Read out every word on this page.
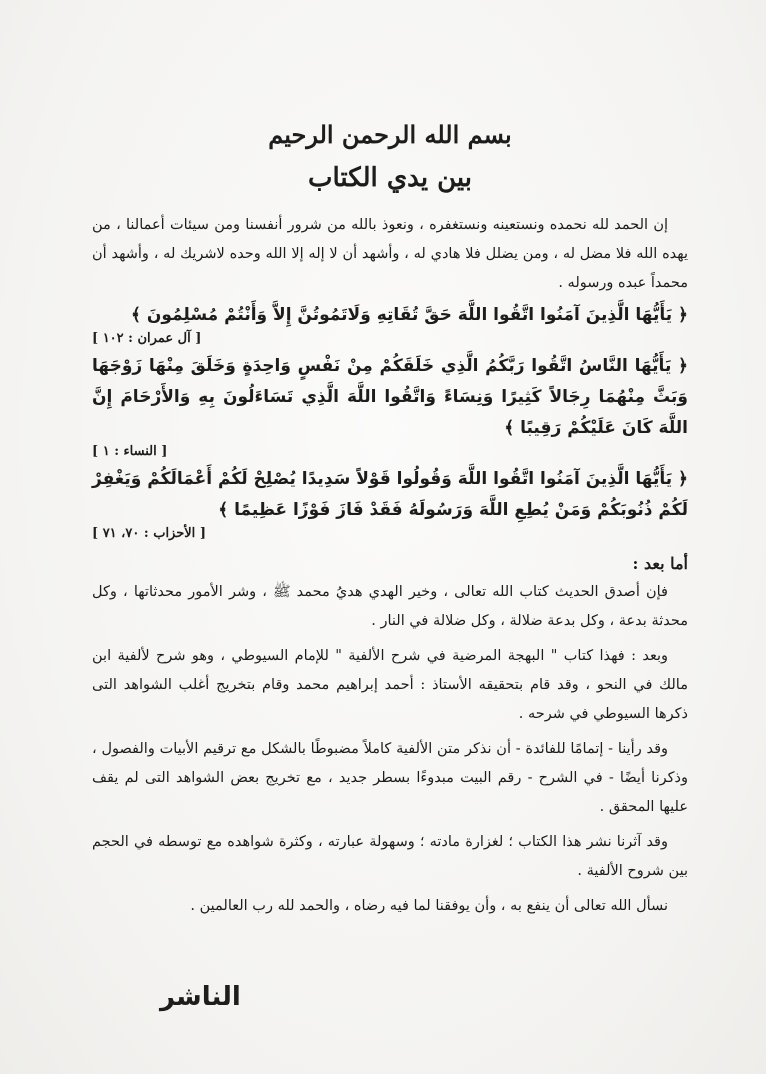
بسم الله الرحمن الرحيم
بين يدي الكتاب

إن الحمد لله نحمده ونستعينه ونستغفره ، ونعوذ بالله من شرور أنفسنا ومن سيئات أعمالنا ، من يهده الله فلا مضل له ، ومن يضلل فلا هادي له ، وأشهد أن لا إله إلا الله وحده لاشريك له ، وأشهد أن محمداً عبده ورسوله .

﴿ يَأَيُّهَا الَّذِينَ آمَنُوا اتَّقُوا اللَّهَ حَقَّ تُقَاتِهِ وَلَاتَمُوتُنَّ إِلاَّ وَأَنْتُمْ مُسْلِمُونَ ﴾

[ آل عمران : ١٠٢ ]

﴿ يَأَيُّهَا النَّاسُ اتَّقُوا رَبَّكُمُ الَّذِي خَلَقَكُمْ مِنْ نَفْسٍ وَاحِدَةٍ وَخَلَقَ مِنْهَا زَوْجَهَا وَبَثَّ مِنْهُمَا رِجَالاً كَثِيرًا وَنِسَاءً وَاتَّقُوا اللَّهَ الَّذِي تَسَاءَلُونَ بِهِ وَالأَرْحَامَ إِنَّ اللَّهَ كَانَ عَلَيْكُمْ رَقِيبًا ﴾

[ النساء : ١ ]

﴿ يَأَيُّهَا الَّذِينَ آمَنُوا اتَّقُوا اللَّهَ وَقُولُوا قَوْلاً سَدِيدًا يُصْلِحْ لَكُمْ أَعْمَالَكُمْ وَيَغْفِرْ لَكُمْ ذُنُوبَكُمْ وَمَنْ يُطِعِ اللَّهَ وَرَسُولَهُ فَقَدْ فَازَ فَوْزًا عَظِيمًا ﴾

[ الأحزاب : ٧٠، ٧١ ]

أما بعد :

فإن أصدق الحديث كتاب الله تعالى ، وخير الهدي هديُ محمد ﷺ ، وشر الأمور محدثاتها ، وكل محدثة بدعة ، وكل بدعة ضلالة ، وكل ضلالة في النار .

وبعد : فهذا كتاب " البهجة المرضية في شرح الألفية " للإمام السيوطي ، وهو شرح لألفية ابن مالك في النحو ، وقد قام بتحقيقه الأستاذ : أحمد إبراهيم محمد وقام بتخريج أغلب الشواهد التى ذكرها السيوطي في شرحه .

وقد رأينا - إتمامًا للفائدة - أن نذكر متن الألفية كاملاً مضبوطًا بالشكل مع ترقيم الأبيات والفصول ، وذكرنا أيضًا - في الشرح - رقم البيت مبدوءًا بسطر جديد ، مع تخريج بعض الشواهد التى لم يقف عليها المحقق .

وقد آثرنا نشر هذا الكتاب ؛ لغزارة مادته ؛ وسهولة عبارته ، وكثرة شواهده مع توسطه في الحجم بين شروح الألفية .

نسأل الله تعالى أن ينفع به ، وأن يوفقنا لما فيه رضاه ، والحمد لله رب العالمين .

الناشر
